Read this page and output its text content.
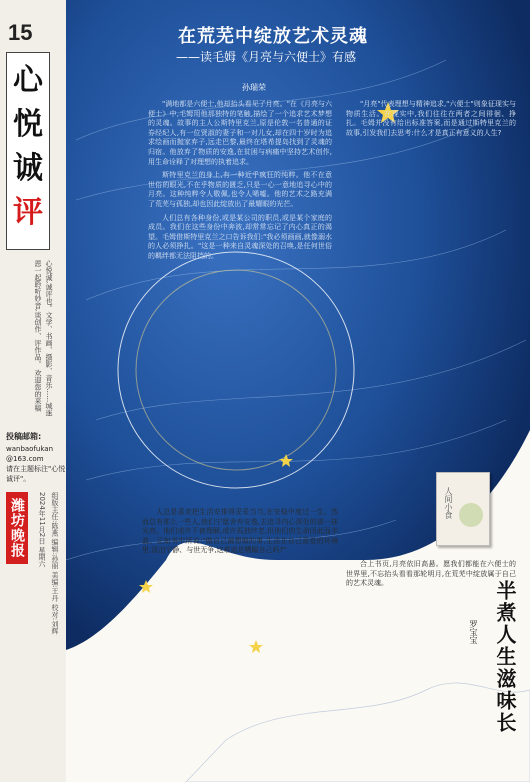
15
心
悦
诚
评
心悦诚,诚评也。文学、书画、摄影、音乐……城迷恩一起聆听妙音,谈创作、评作品。 欢迎您的来稿
投稿邮箱:
wanbaofukan
@163.com
请在主题标注"心悦诚评"。
潍坊晚报	2024年11月2日 星期六 组版主任:陈燕 编辑:孙丽 美编:王丹 校对:刘辉
在荒芜中绽放艺术灵魂
——读毛姆《月亮与六便士》有感
孙瑞荣

"满地都是六便士,他却抬头看见了月亮。"在《月亮与六便士》中,毛姆用他那独特的笔触,描绘了一个追求艺术梦想的灵魂。故事的主人公斯特里克兰,原是伦敦一名普通的证券经纪人,有一位贤淑的妻子和一对儿女,却在四十岁时为追求绘画而抛家弃子,远走巴黎,最终在塔希提岛找到了灵魂的归宿。他放弃了物质的安逸,在贫困与病痛中坚持艺术创作,用生命诠释了对理想的执着追求。

斯特里克兰的身上,有一种近乎疯狂的纯粹。他不在意世俗的眼光,不在乎物质的匮乏,只是一心一意地追寻心中的月亮。这种纯粹令人敬佩,也令人唏嘘。他的艺术之路充满了荒芜与孤独,却也因此绽放出了最耀眼的光芒。

人们总有各种身份,或是某公司的职员,或是某个家庭的成员。我们在这些身份中奔波,却常常忘记了内心真正的渴望。毛姆借斯特里克兰之口告诉我们:"我必须画画,就像溺水的人必须挣扎。"这是一种来自灵魂深处的召唤,是任何世俗的羁绊都无法阻挡的。

"月亮"代表理想与精神追求,"六便士"则象征现实与物质生活。在现实中,我们往往在两者之间徘徊、挣扎。毛姆并没有给出标准答案,而是通过斯特里克兰的故事,引发我们去思考:什么才是真正有意义的人生?

人总是喜欢把生活安排得妥妥当当,在安稳中度过一生。然而总有那么一些人,他们宁愿舍弃安逸,去追寻内心深处的那一抹光亮。他们或许不被理解,或许孤独终老,但他们的生命因此而丰盈。正如书中所说:"做自己最想做的事,生活在自己喜爱的环境里,淡泊宁静、与世无争,这难道是糟蹋自己吗?"

合上书页,月亮依旧高悬。愿我们都能在六便士的世界里,不忘抬头看看那轮明月,在荒芜中绽放属于自己的艺术灵魂。

人间小食
半煮人生滋味长
罗宝宝
